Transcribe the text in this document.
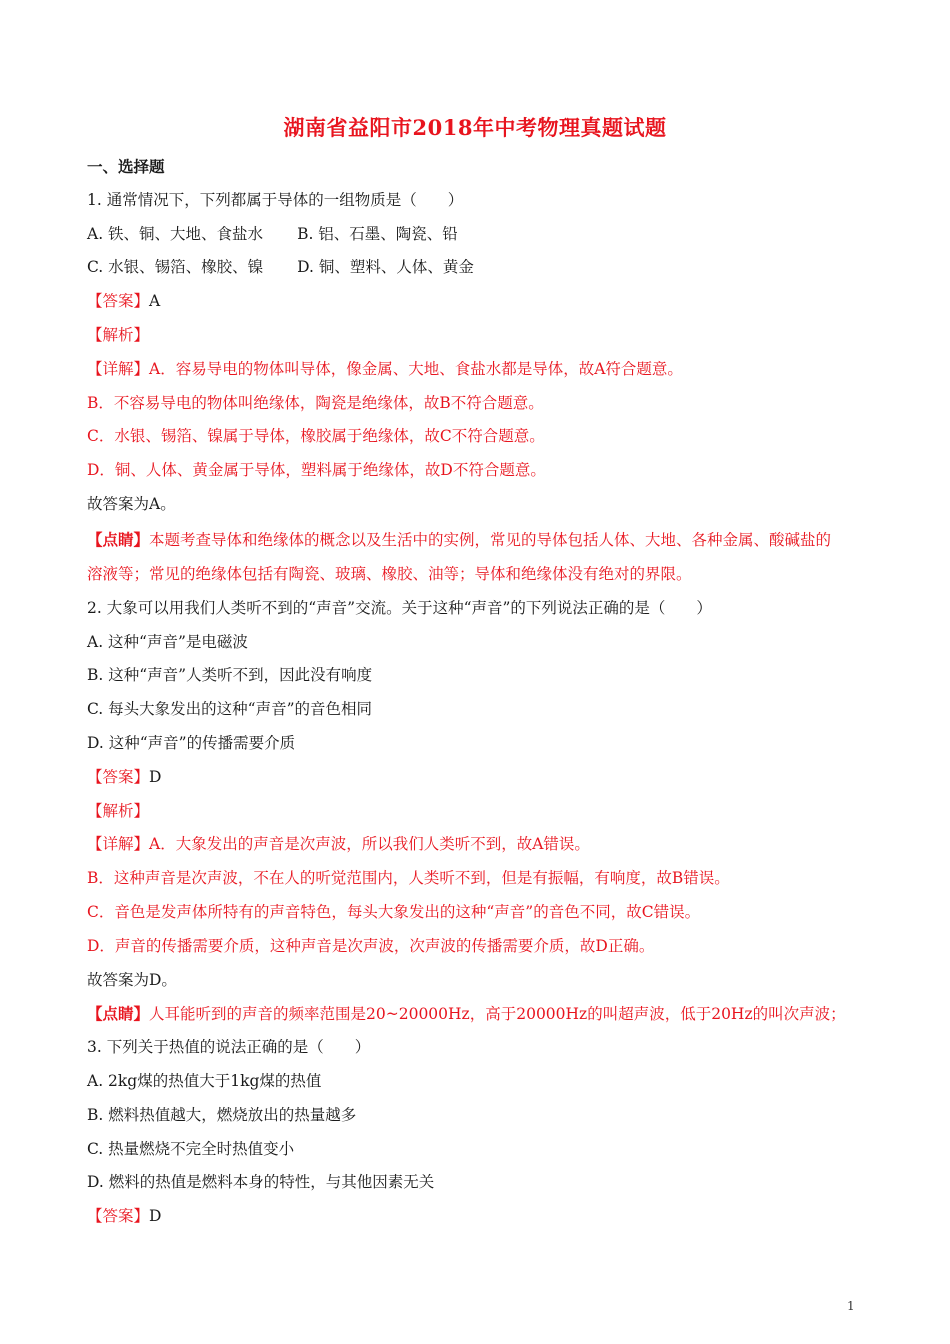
湖南省益阳市2018年中考物理真题试题
一、选择题
1. 通常情况下，下列都属于导体的一组物质是（　　）
A. 铁、铜、大地、食盐水 B. 铝、石墨、陶瓷、铅
C. 水银、锡箔、橡胶、镍 D. 铜、塑料、人体、黄金
【答案】A
【解析】
【详解】A．容易导电的物体叫导体，像金属、大地、食盐水都是导体，故A符合题意。
B．不容易导电的物体叫绝缘体，陶瓷是绝缘体，故B不符合题意。
C．水银、锡箔、镍属于导体，橡胶属于绝缘体，故C不符合题意。
D．铜、人体、黄金属于导体，塑料属于绝缘体，故D不符合题意。
故答案为A。
【点睛】本题考查导体和绝缘体的概念以及生活中的实例，常见的导体包括人体、大地、各种金属、酸碱盐的
溶液等；常见的绝缘体包括有陶瓷、玻璃、橡胶、油等；导体和绝缘体没有绝对的界限。
2. 大象可以用我们人类听不到的“声音”交流。关于这种“声音”的下列说法正确的是（　　）
A. 这种“声音”是电磁波
B. 这种“声音”人类听不到，因此没有响度
C. 每头大象发出的这种“声音”的音色相同
D. 这种“声音”的传播需要介质
【答案】D
【解析】
【详解】A．大象发出的声音是次声波，所以我们人类听不到，故A错误。
B．这种声音是次声波，不在人的听觉范围内，人类听不到，但是有振幅，有响度，故B错误。
C．音色是发声体所特有的声音特色，每头大象发出的这种“声音”的音色不同，故C错误。
D．声音的传播需要介质，这种声音是次声波，次声波的传播需要介质，故D正确。
故答案为D。
【点睛】人耳能听到的声音的频率范围是20~20000Hz，高于20000Hz的叫超声波，低于20Hz的叫次声波；
3. 下列关于热值的说法正确的是（　　）
A. 2kg煤的热值大于1kg煤的热值
B. 燃料热值越大，燃烧放出的热量越多
C. 热量燃烧不完全时热值变小
D. 燃料的热值是燃料本身的特性，与其他因素无关
【答案】D
1
